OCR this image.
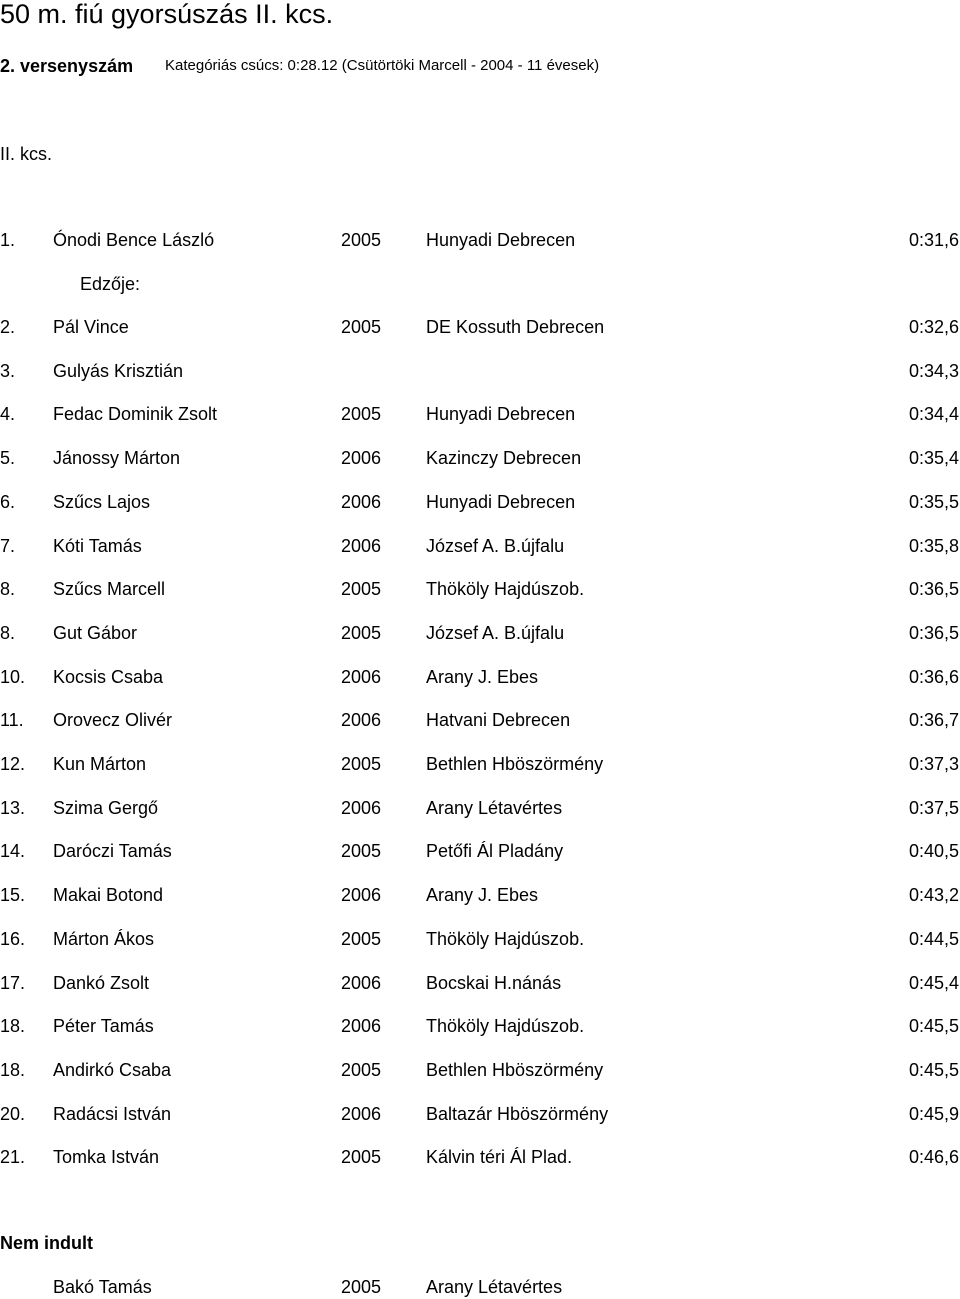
50 m. fiú gyorsúszás II. kcs.
2. versenyszám Kategóriás csúcs: 0:28.12 (Csütörtöki Marcell - 2004 - 11 évesek)
II. kcs.
1. Ónodi Bence László	2005 Hunyadi Debrecen	0:31,6
2. Pál Vince	2005 DE Kossuth Debrecen	0:32,6
3. Gulyás Krisztián	0:34,3
4. Fedac Dominik Zsolt	2005 Hunyadi Debrecen	0:34,4
5. Jánossy Márton	2006 Kazinczy Debrecen	0:35,4
6. Szűcs Lajos	2006 Hunyadi Debrecen	0:35,5
7. Kóti Tamás	2006 József A. B.újfalu	0:35,8
8. Szűcs Marcell	2005 Thököly Hajdúszob.	0:36,5
8. Gut Gábor	2005 József A. B.újfalu	0:36,5
10. Kocsis Csaba	2006 Arany J. Ebes	0:36,6
11. Orovecz Olivér	2006 Hatvani Debrecen	0:36,7
12. Kun Márton	2005 Bethlen Hböszörmény	0:37,3
13. Szima Gergő	2006 Arany Létavértes	0:37,5
14. Daróczi Tamás	2005 Petőfi Ál Pladány	0:40,5
15. Makai Botond	2006 Arany J. Ebes	0:43,2
16. Márton Ákos	2005 Thököly Hajdúszob.	0:44,5
17. Dankó Zsolt	2006 Bocskai H.nánás	0:45,4
18. Péter Tamás	2006 Thököly Hajdúszob.	0:45,5
18. Andirkó Csaba	2005 Bethlen Hböszörmény	0:45,5
20. Radácsi István	2006 Baltazár Hböszörmény	0:45,9
21. Tomka István	2005 Kálvin téri Ál Plad.	0:46,6
Edzője:
Nem indult
Bakó Tamás	2005 Arany Létavértes
